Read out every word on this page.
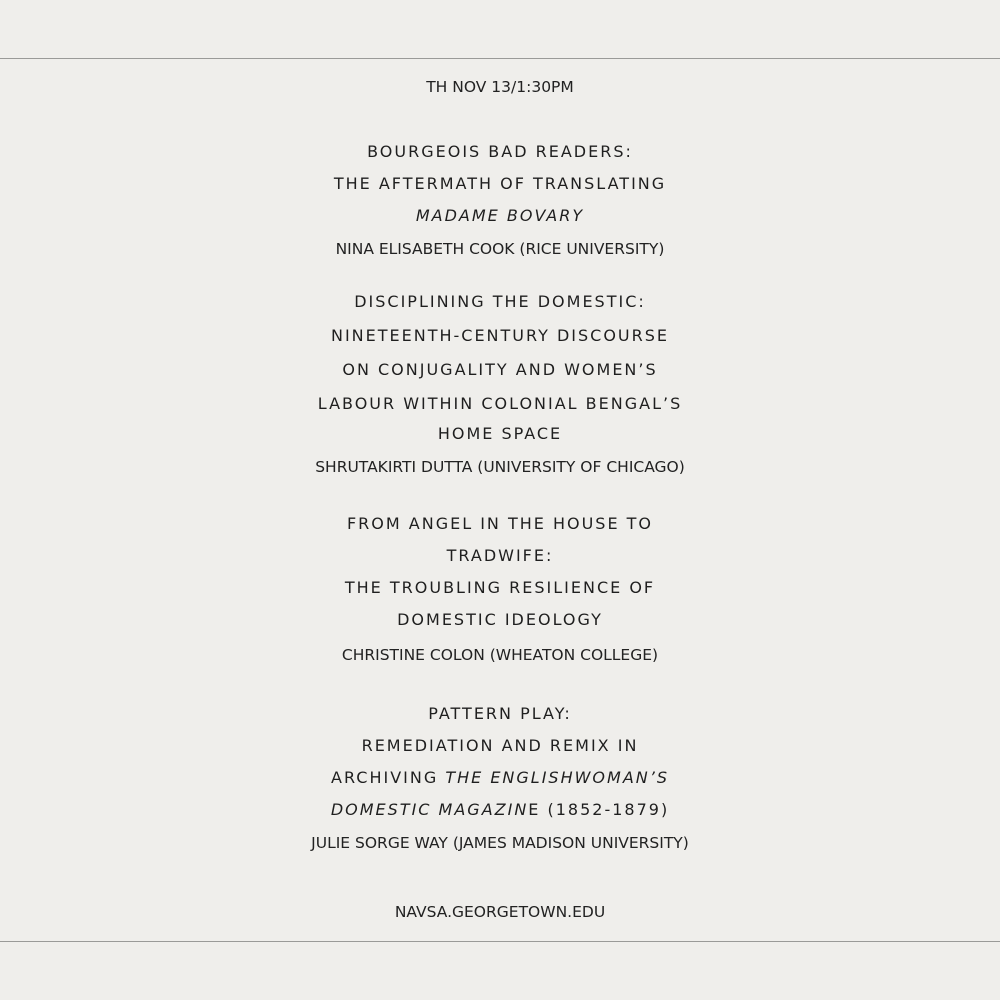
TH NOV 13/1:30PM
BOURGEOIS BAD READERS:
THE AFTERMATH OF TRANSLATING
MADAME BOVARY
NINA ELISABETH COOK (RICE UNIVERSITY)
DISCIPLINING THE DOMESTIC:
NINETEENTH-CENTURY DISCOURSE
ON CONJUGALITY AND WOMEN’S
LABOUR WITHIN COLONIAL BENGAL’S
HOME SPACE
SHRUTAKIRTI DUTTA (UNIVERSITY OF CHICAGO)
FROM ANGEL IN THE HOUSE TO
TRADWIFE:
THE TROUBLING RESILIENCE OF
DOMESTIC IDEOLOGY
CHRISTINE COLON (WHEATON COLLEGE)
PATTERN PLAY:
REMEDIATION AND REMIX IN
ARCHIVING THE ENGLISHWOMAN’S
DOMESTIC MAGAZINE (1852-1879)
JULIE SORGE WAY (JAMES MADISON UNIVERSITY)
NAVSA.GEORGETOWN.EDU
